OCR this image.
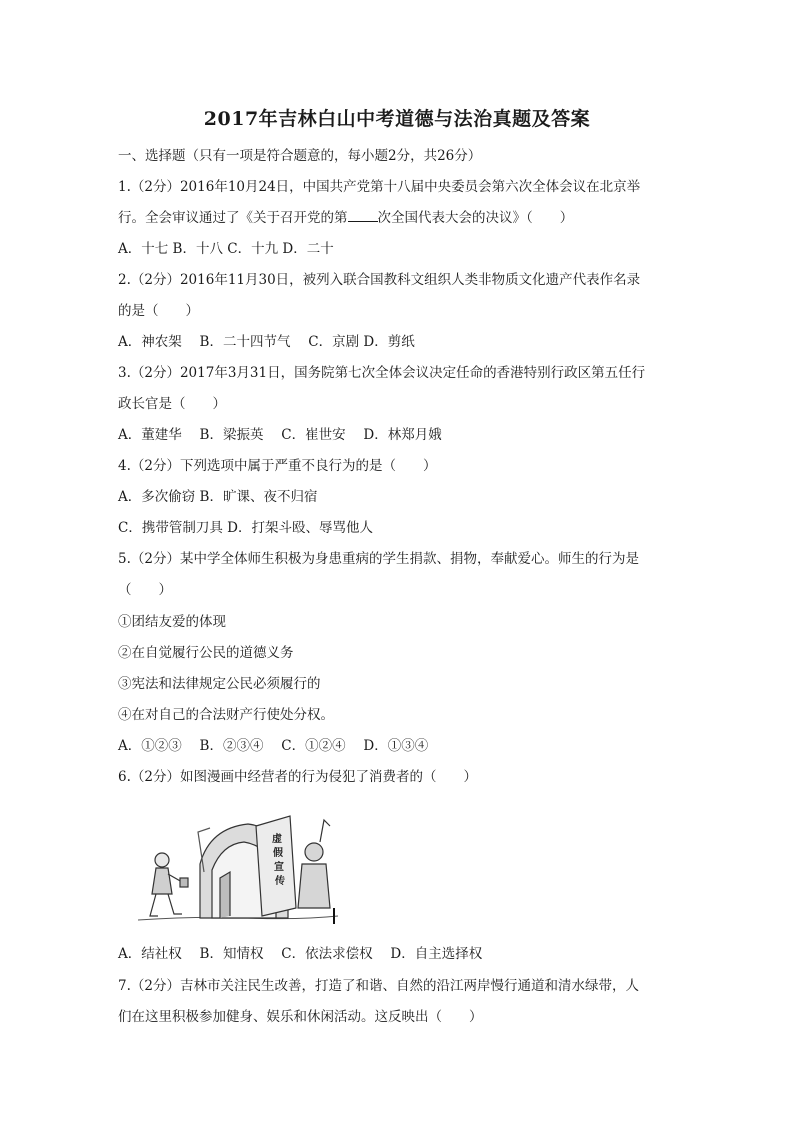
2017年吉林白山中考道德与法治真题及答案
一、选择题（只有一项是符合题意的，每小题2分，共26分）
1.（2分）2016年10月24日，中国共产党第十八届中央委员会第六次全体会议在北京举
行。全会审议通过了《关于召开党的第 次全国代表大会的决议》（　　）
A．十七 B．十八 C．十九 D．二十
2.（2分）2016年11月30日，被列入联合国教科文组织人类非物质文化遗产代表作名录
的是（　　）
A．神农架　 B．二十四节气　 C．京剧 D．剪纸
3.（2分）2017年3月31日，国务院第七次全体会议决定任命的香港特别行政区第五任行
政长官是（　　）
A．董建华　 B．梁振英　 C．崔世安　 D．林郑月娥
4.（2分）下列选项中属于严重不良行为的是（　　）
A．多次偷窃 B．旷课、夜不归宿
C．携带管制刀具 D．打架斗殴、辱骂他人
5.（2分）某中学全体师生积极为身患重病的学生捐款、捐物，奉献爱心。师生的行为是
（　　）
①团结友爱的体现
②在自觉履行公民的道德义务
③宪法和法律规定公民必须履行的
④在对自己的合法财产行使处分权。
A．①②③　 B．②③④　 C．①②④　 D．①③④
6.（2分）如图漫画中经营者的行为侵犯了消费者的（　　）
虚
假
宣
传
A．结社权　 B．知情权　 C．依法求偿权　 D．自主选择权
7.（2分）吉林市关注民生改善，打造了和谐、自然的沿江两岸慢行通道和清水绿带，人
们在这里积极参加健身、娱乐和休闲活动。这反映出（　　）
